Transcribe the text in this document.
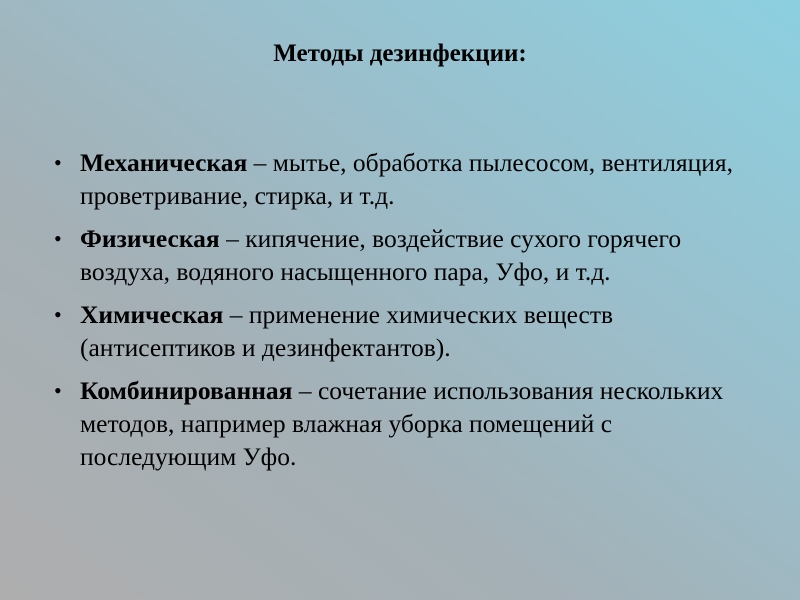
Методы дезинфекции:
• Механическая – мытье, обработка пылесосом, вентиляция, проветривание, стирка, и т.д.
• Физическая – кипячение, воздействие сухого горячего воздуха, водяного насыщенного пара, Уфо, и т.д.
• Химическая – применение химических веществ (антисептиков и дезинфектантов).
• Комбинированная – сочетание использования нескольких методов, например влажная уборка помещений с последующим Уфо.
